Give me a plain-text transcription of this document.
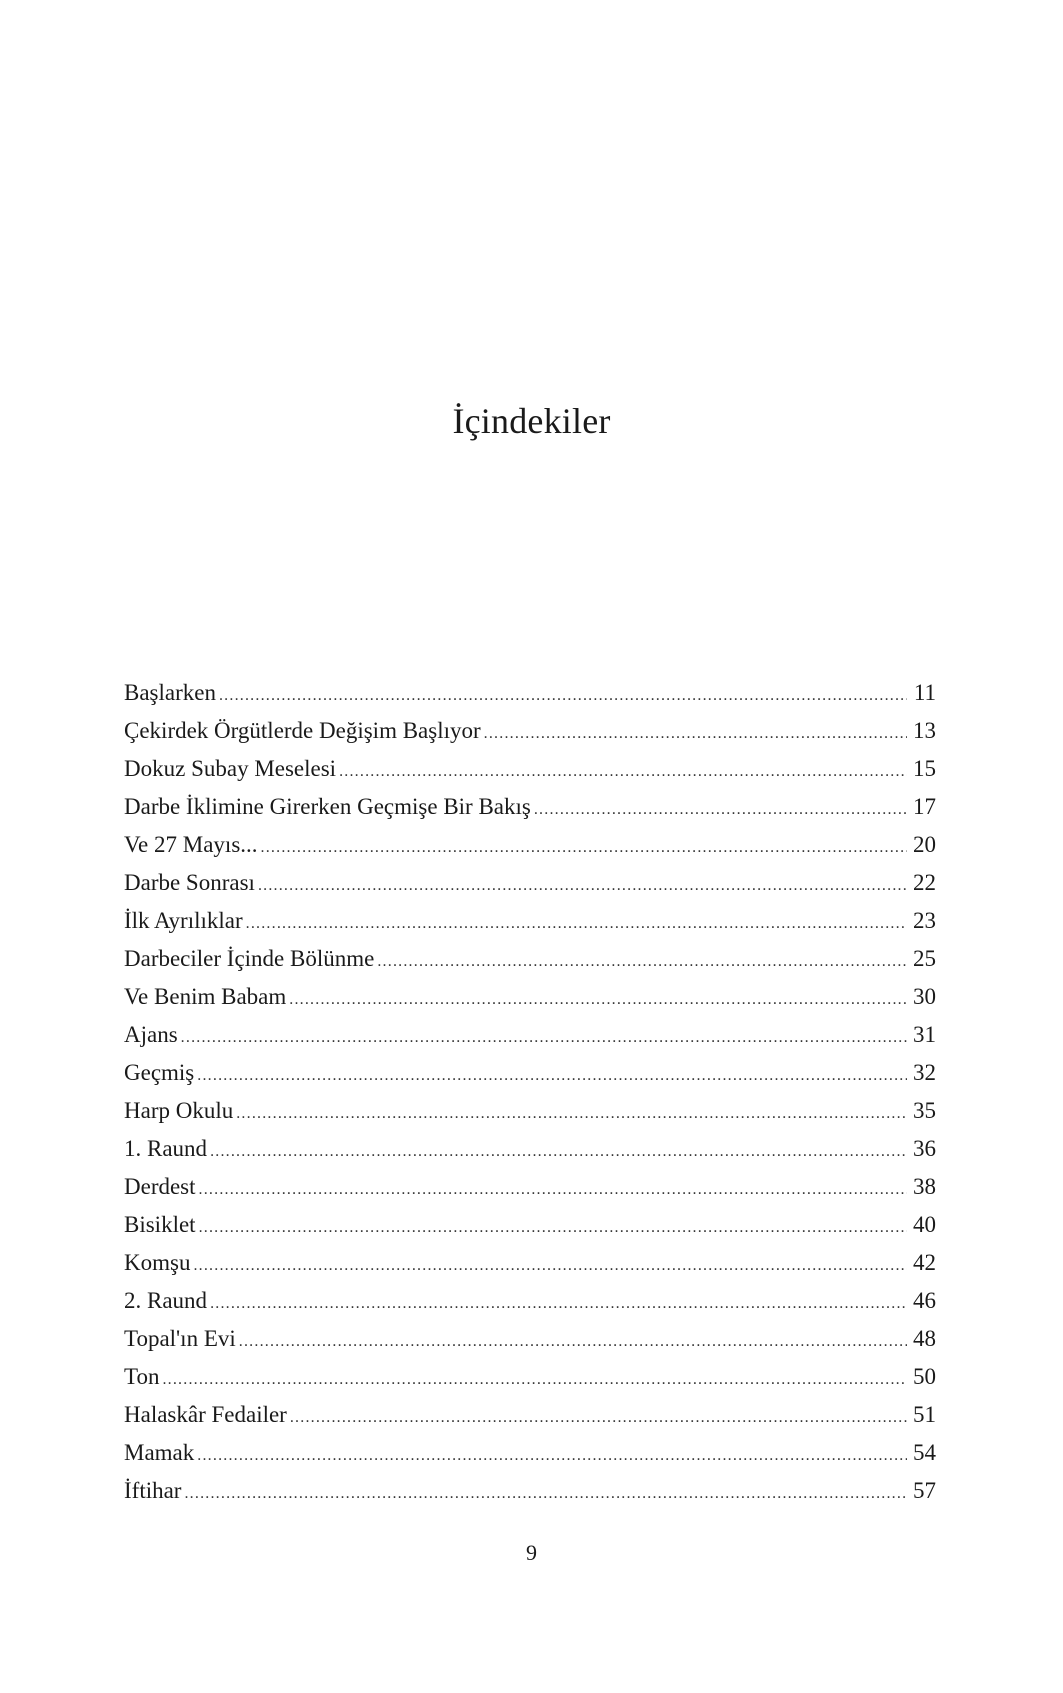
İçindekiler
Başlarken .....	11
Çekirdek Örgütlerde Değişim Başlıyor .....	13
Dokuz Subay Meselesi .....	15
Darbe İklimine Girerken Geçmişe Bir Bakış .....	17
Ve 27 Mayıs... .....	20
Darbe Sonrası .....	22
İlk Ayrılıklar .....	23
Darbeciler İçinde Bölünme .....	25
Ve Benim Babam .....	30
Ajans .....	31
Geçmiş .....	32
Harp Okulu .....	35
1. Raund .....	36
Derdest .....	38
Bisiklet .....	40
Komşu .....	42
2. Raund .....	46
Topal'ın Evi .....	48
Ton .....	50
Halaskâr Fedailer .....	51
Mamak .....	54
İftihar .....	57

9
